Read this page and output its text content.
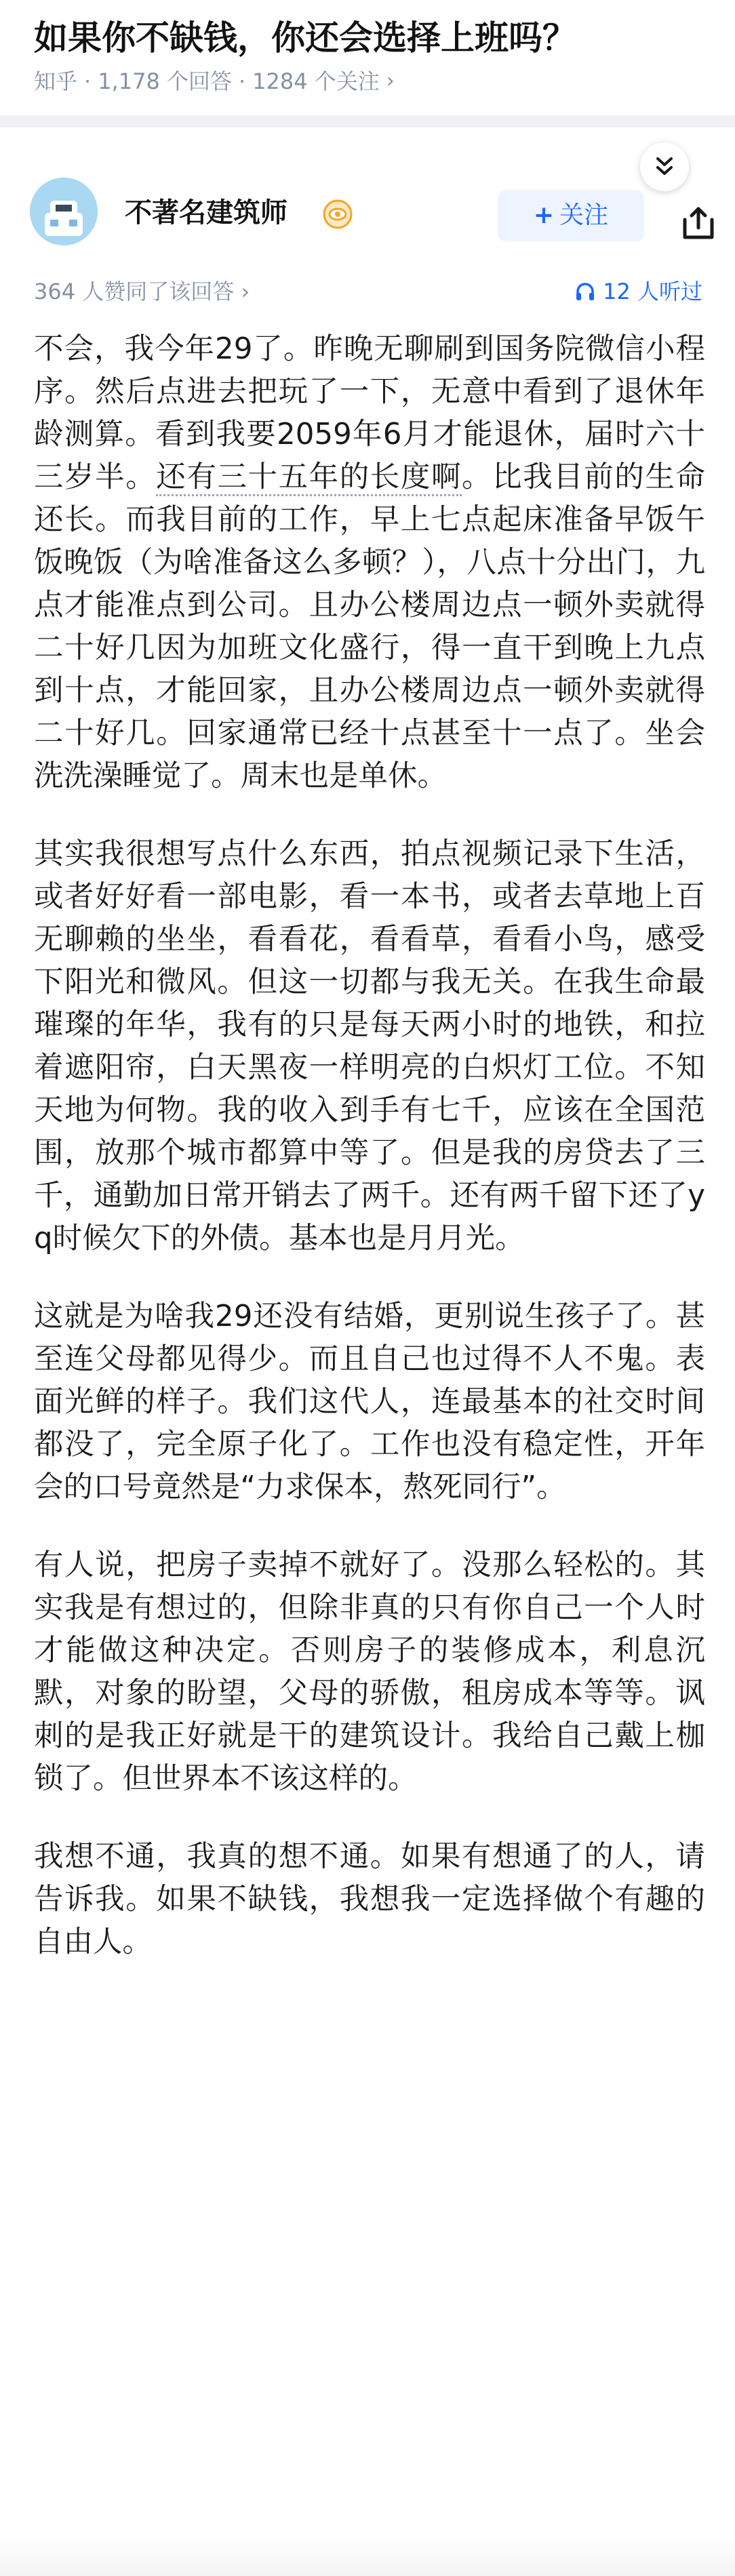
如果你不缺钱，你还会选择上班吗？
知乎 · 1,178 个回答 · 1284 个关注 ›
不著名建筑师	+ 关注
364 人赞同了该回答 ›	12 人听过

不会，我今年29了。昨晚无聊刷到国务院微信小程序。然后点进去把玩了一下，无意中看到了退休年龄测算。看到我要2059年6月才能退休，届时六十三岁半。还有三十五年的长度啊。比我目前的生命还长。而我目前的工作，早上七点起床准备早饭午饭晚饭（为啥准备这么多顿？），八点十分出门，九点才能准点到公司。且办公楼周边点一顿外卖就得二十好几因为加班文化盛行，得一直干到晚上九点到十点，才能回家，且办公楼周边点一顿外卖就得二十好几。回家通常已经十点甚至十一点了。坐会洗洗澡睡觉了。周末也是单休。

其实我很想写点什么东西，拍点视频记录下生活，或者好好看一部电影，看一本书，或者去草地上百无聊赖的坐坐，看看花，看看草，看看小鸟，感受下阳光和微风。但这一切都与我无关。在我生命最璀璨的年华，我有的只是每天两小时的地铁，和拉着遮阳帘，白天黑夜一样明亮的白炽灯工位。不知天地为何物。我的收入到手有七千，应该在全国范围，放那个城市都算中等了。但是我的房贷去了三千，通勤加日常开销去了两千。还有两千留下还了yq时候欠下的外债。基本也是月月光。

这就是为啥我29还没有结婚，更别说生孩子了。甚至连父母都见得少。而且自己也过得不人不鬼。表面光鲜的样子。我们这代人，连最基本的社交时间都没了，完全原子化了。工作也没有稳定性，开年会的口号竟然是“力求保本，熬死同行”。

有人说，把房子卖掉不就好了。没那么轻松的。其实我是有想过的，但除非真的只有你自己一个人时才能做这种决定。否则房子的装修成本，利息沉默，对象的盼望，父母的骄傲，租房成本等等。讽刺的是我正好就是干的建筑设计。我给自己戴上枷锁了。但世界本不该这样的。

我想不通，我真的想不通。如果有想通了的人，请告诉我。如果不缺钱，我想我一定选择做个有趣的自由人。
